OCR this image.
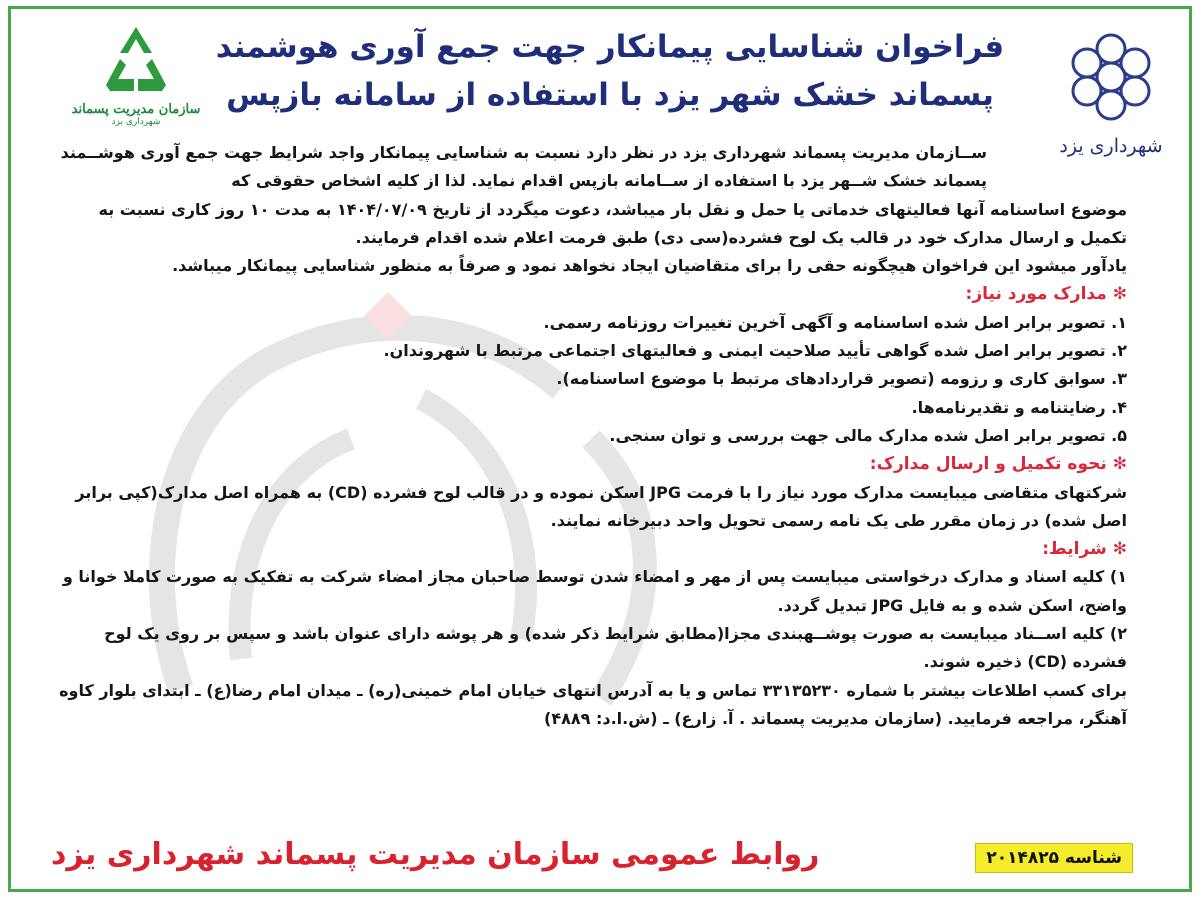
شهرداری یزد
سازمان مدیریت پسماند
شهرداری یزد
فراخوان شناسایی پیمانکار جهت جمع آوری هوشمند
پسماند خشک شهر یزد با استفاده از سامانه بازپس

ســازمان مدیریت پسماند شهرداری یزد در نظر دارد نسبت به شناسایی پیمانکار واجد شرایط جهت جمع آوری هوشــمند پسماند خشک شــهر یزد با استفاده از ســامانه بازپس اقدام نماید. لذا از کلیه اشخاص حقوقی که

موضوع اساسنامه آنها فعالیتهای خدماتی یا حمل و نقل بار میباشد، دعوت میگردد از تاریخ ۱۴۰۴/۰۷/۰۹ به مدت ۱۰ روز کاری نسبت به تکمیل و ارسال مدارک خود در قالب یک لوح فشرده(سی دی) طبق فرمت اعلام شده اقدام فرمایند.

یادآور میشود این فراخوان هیچگونه حقی را برای متقاضیان ایجاد نخواهد نمود و صرفاً به منظور شناسایی پیمانکار میباشد.

✻مدارک مورد نیاز:

۱. تصویر برابر اصل شده اساسنامه و آگهی آخرین تغییرات روزنامه رسمی.

۲. تصویر برابر اصل شده گواهی تأیید صلاحیت ایمنی و فعالیتهای اجتماعی مرتبط با شهروندان.

۳. سوابق کاری و رزومه (تصویر قراردادهای مرتبط با موضوع اساسنامه).

۴. رضایتنامه و تقدیرنامه‌ها.

۵. تصویر برابر اصل شده مدارک مالی جهت بررسی و توان سنجی.

✻نحوه تکمیل و ارسال مدارک:

شرکتهای متقاضی میبایست مدارک مورد نیاز را با فرمت JPG اسکن نموده و در قالب لوح فشرده (CD) به همراه اصل مدارک(کپی برابر اصل شده) در زمان مقرر طی یک نامه رسمی تحویل واحد دبیرخانه نمایند.

✻شرایط:

۱) کلیه اسناد و مدارک درخواستی میبایست پس از مهر و امضاء شدن توسط صاحبان مجاز امضاء شرکت به تفکیک به صورت کاملا خوانا و واضح، اسکن شده و به فایل JPG تبدیل گردد.

۲) کلیه اســناد میبایست به صورت پوشــهبندی مجزا(مطابق شرایط ذکر شده) و هر پوشه دارای عنوان باشد و سپس بر روی یک لوح فشرده (CD) ذخیره شوند.

برای کسب اطلاعات بیشتر با شماره ۳۳۱۳۵۲۳۰ تماس و یا به آدرس انتهای خیابان امام خمینی(ره) ـ میدان امام رضا(ع) ـ ابتدای بلوار کاوه آهنگر، مراجعه فرمایید. (سازمان مدیریت پسماند . آ. زارع) ـ (ش.ا.د: ۴۸۸۹)

شناسه ۲۰۱۴۸۲۵
روابط عمومی سازمان مدیریت پسماند شهرداری یزد
